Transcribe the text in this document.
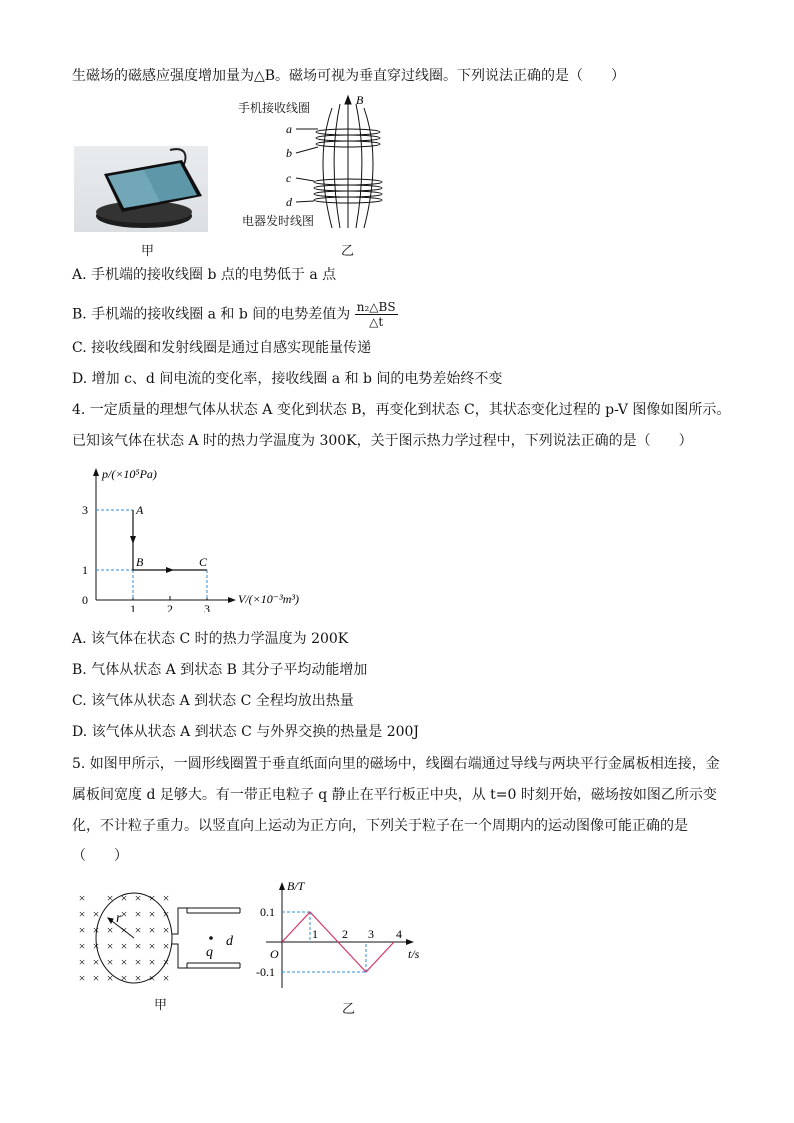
生磁场的磁感应强度增加量为△B。磁场可视为垂直穿过线圈。下列说法正确的是（　　）
甲
B
a
b
c
d
手机接收线圈
电器发时线图
乙
A. 手机端的接收线圈 b 点的电势低于 a 点
B. 手机端的接收线圈 a 和 b 间的电势差值为 $\frac{\text{n₂△BS}}{\triangle t}$
C. 接收线圈和发射线圈是通过自感实现能量传递
D. 增加 c、d 间电流的变化率，接收线圈 a 和 b 间的电势差始终不变
4. 一定质量的理想气体从状态 A 变化到状态 B，再变化到状态 C，其状态变化过程的 p-V 图像如图所示。
已知该气体在状态 A 时的热力学温度为 300K，关于图示热力学过程中，下列说法正确的是（　　）
p/(×10⁵Pa)
V/(×10⁻³m³)
0
3
1
1	2	3
A
B	C
A. 该气体在状态 C 时的热力学温度为 200K
B. 气体从状态 A 到状态 B 其分子平均动能增加
C. 该气体从状态 A 到状态 C 全程均放出热量
D. 该气体从状态 A 到状态 C 与外界交换的热量是 200J
5. 如图甲所示，一圆形线圈置于垂直纸面向里的磁场中，线圈右端通过导线与两块平行金属板相连接，金
属板间宽度 d 足够大。有一带正电粒子 q 静止在平行板正中央，从 t=0 时刻开始，磁场按如图乙所示变
化，不计粒子重力。以竖直向上运动为正方向，下列关于粒子在一个周期内的运动图像可能正确的是
（　　）
× × × × × ×
× × × × × ×
× × × × × × ×
× × × × × × ×
× × × × × × ×
× × × × × × ×
r
q
d
甲
B/T
t/s
O
0.1
-0.1
1 2 3 4
乙
